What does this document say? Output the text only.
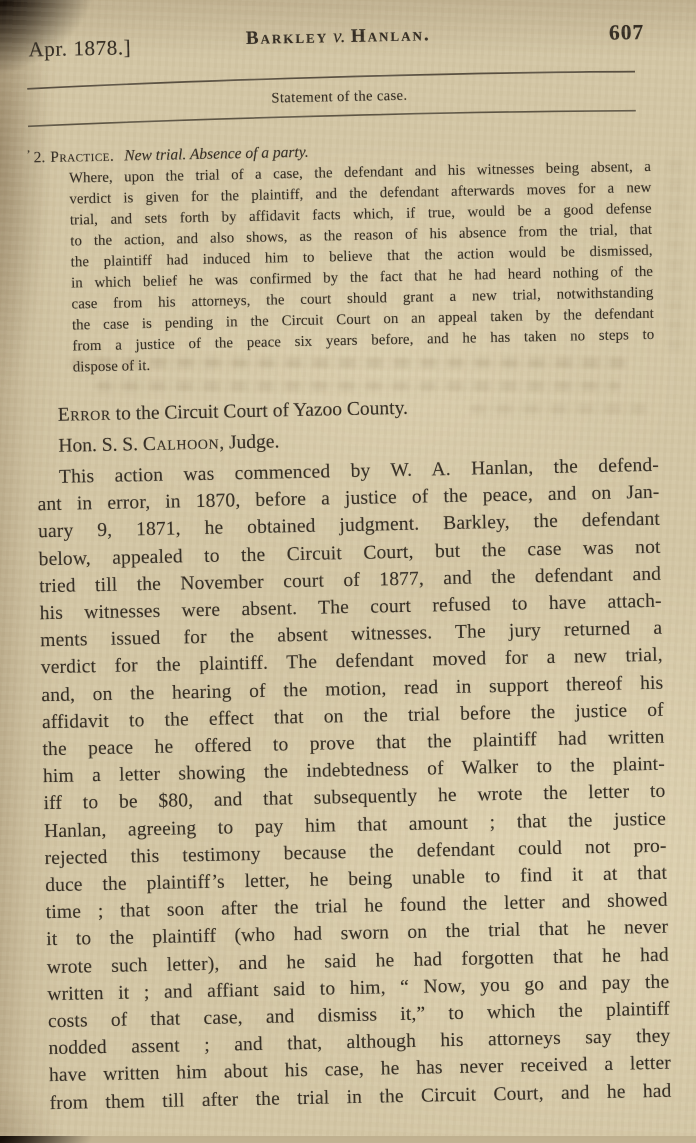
Apr. 1878.]	Barkley v. Hanlan.	607
Statement of the case.
’ 2. Practice. New trial. Absence of a party.
Where, upon the trial of a case, the defendant and his witnesses being absent, a
verdict is given for the plaintiff, and the defendant afterwards moves for a new
trial, and sets forth by affidavit facts which, if true, would be a good defense
to the action, and also shows, as the reason of his absence from the trial, that
the plaintiff had induced him to believe that the action would be dismissed,
in which belief he was confirmed by the fact that he had heard nothing of the
case from his attorneys, the court should grant a new trial, notwithstanding
the case is pending in the Circuit Court on an appeal taken by the defendant
from a justice of the peace six years before, and he has taken no steps to
dispose of it.
Error to the Circuit Court of Yazoo County.
Hon. S. S. Calhoon, Judge.
This action was commenced by W. A. Hanlan, the defend-
ant in error, in 1870, before a justice of the peace, and on Jan-
uary 9, 1871, he obtained judgment. Barkley, the defendant
below, appealed to the Circuit Court, but the case was not
tried till the November court of 1877, and the defendant and
his witnesses were absent. The court refused to have attach-
ments issued for the absent witnesses. The jury returned a
verdict for the plaintiff. The defendant moved for a new trial,
and, on the hearing of the motion, read in support thereof his
affidavit to the effect that on the trial before the justice of
the peace he offered to prove that the plaintiff had written
him a letter showing the indebtedness of Walker to the plaint-
iff to be $80, and that subsequently he wrote the letter to
Hanlan, agreeing to pay him that amount ; that the justice
rejected this testimony because the defendant could not pro-
duce the plaintiff’s letter, he being unable to find it at that
time ; that soon after the trial he found the letter and showed
it to the plaintiff (who had sworn on the trial that he never
wrote such letter), and he said he had forgotten that he had
written it ; and affiant said to him, “ Now, you go and pay the
costs of that case, and dismiss it,” to which the plaintiff
nodded assent ; and that, although his attorneys say they
have written him about his case, he has never received a letter
from them till after the trial in the Circuit Court, and he had
